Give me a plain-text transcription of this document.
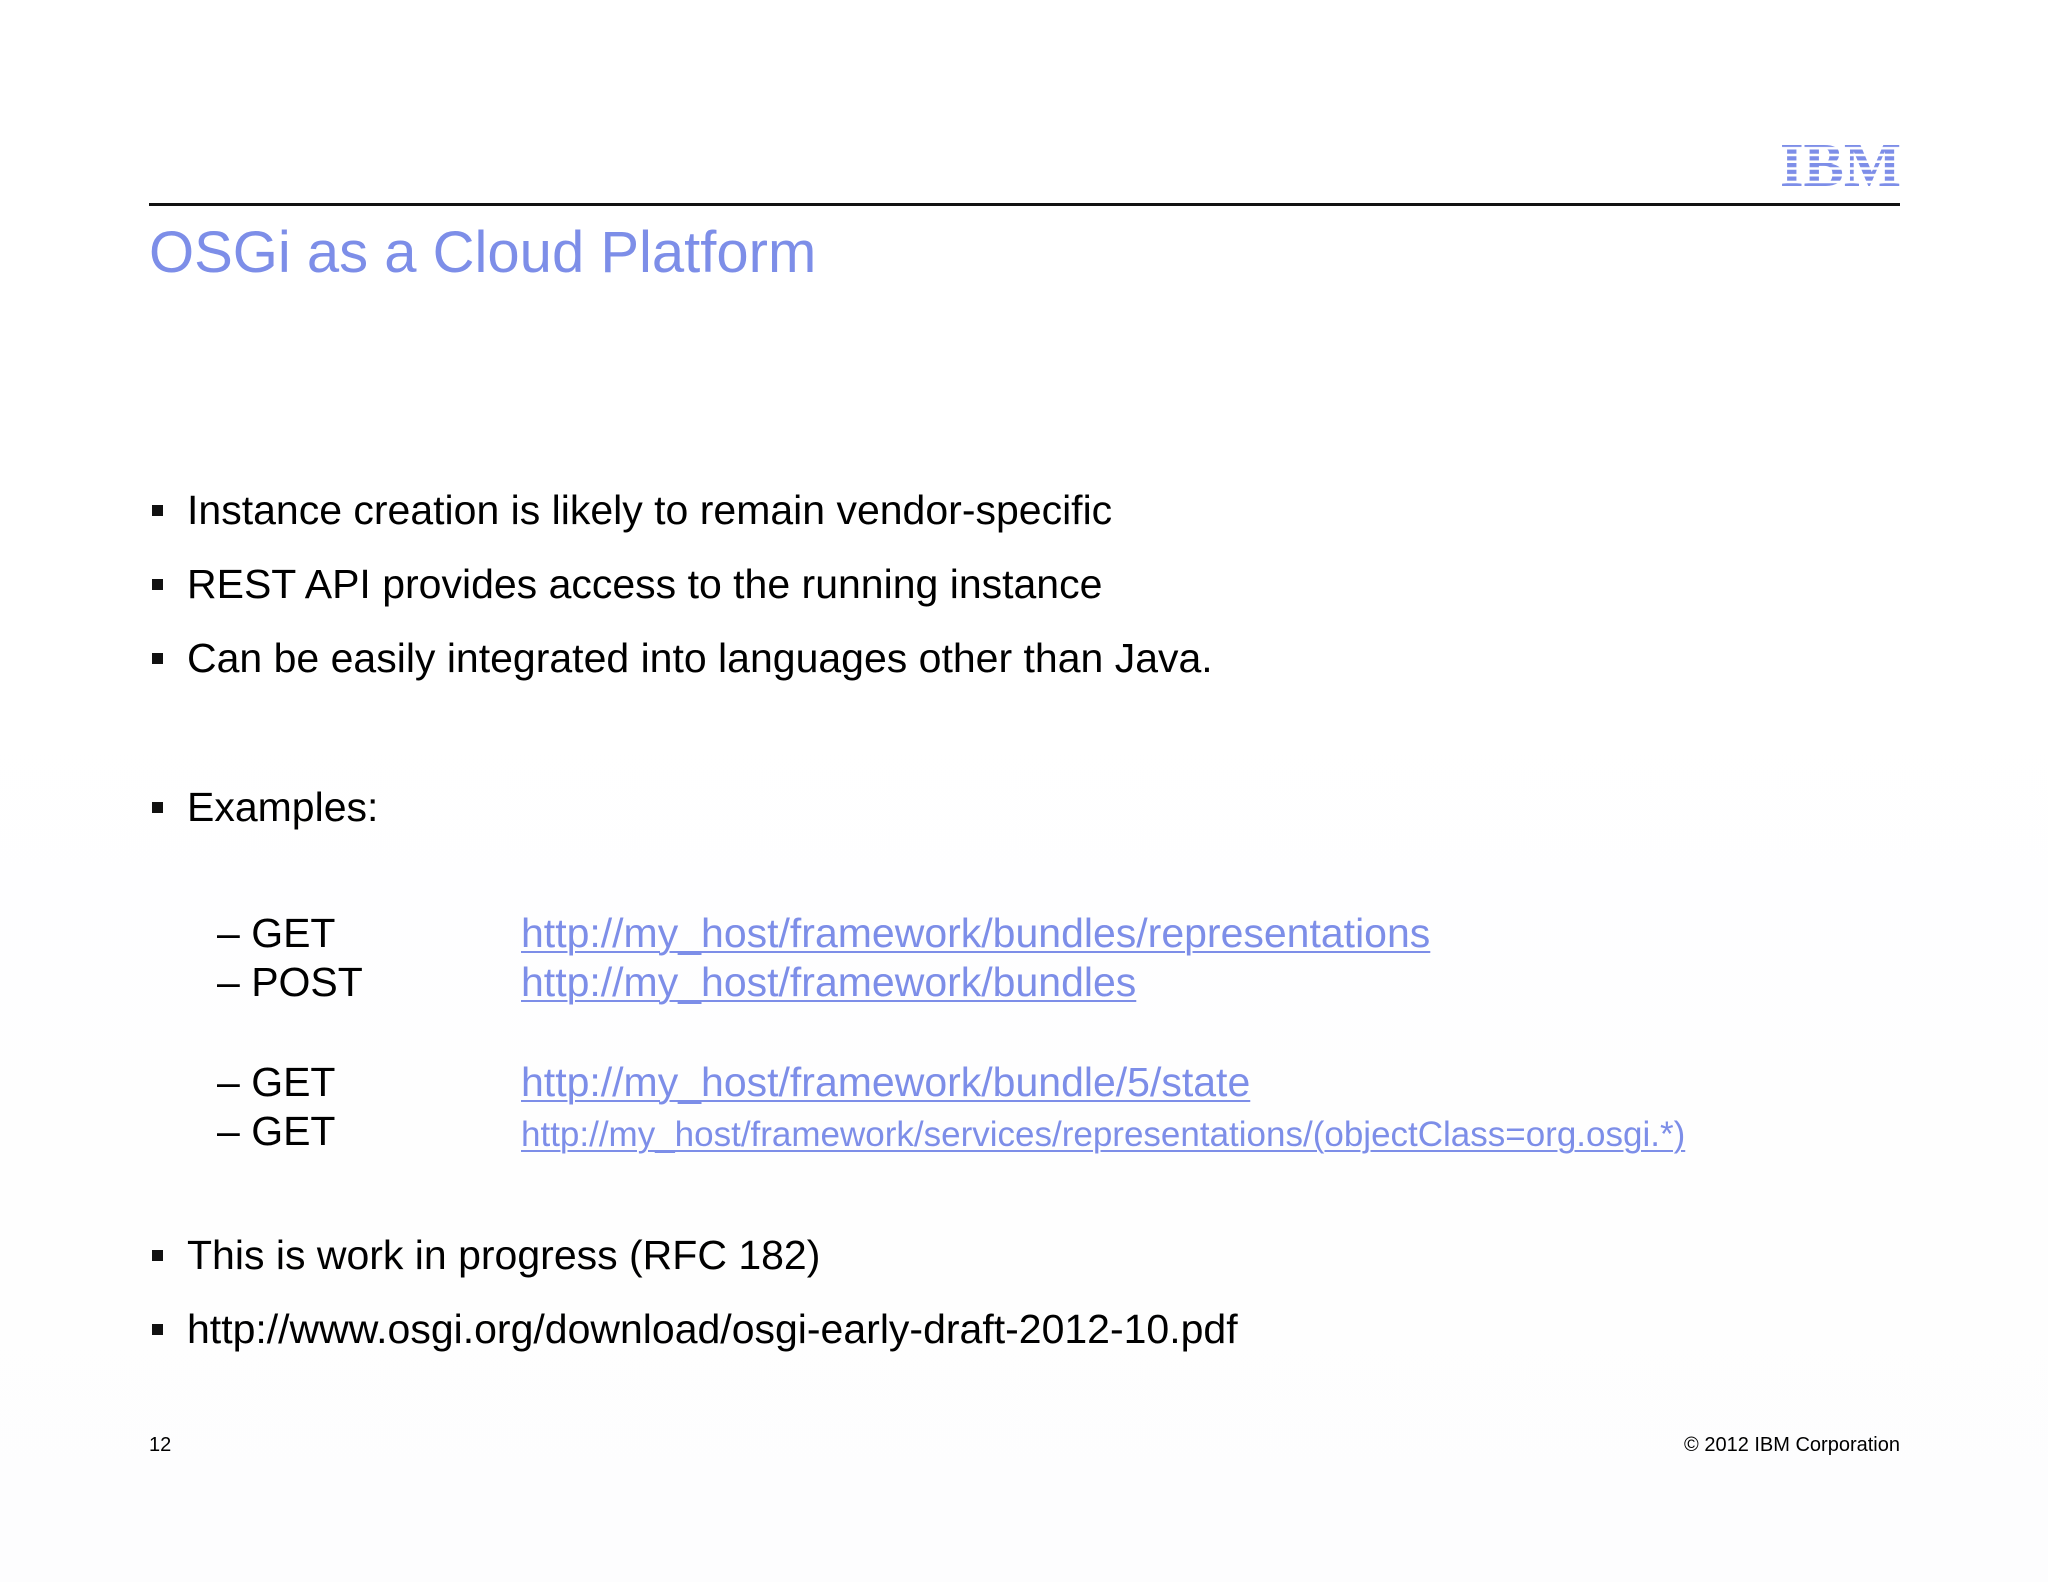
IBM
OSGi as a Cloud Platform
Instance creation is likely to remain vendor-specific
REST API provides access to the running instance
Can be easily integrated into languages other than Java.
Examples:
– GET	http://my_host/framework/bundles/representations
– POST	http://my_host/framework/bundles
– GET	http://my_host/framework/bundle/5/state
– GET	http://my_host/framework/services/representations/(objectClass=org.osgi.*)
This is work in progress (RFC 182)
http://www.osgi.org/download/osgi-early-draft-2012-10.pdf
12	© 2012 IBM Corporation
